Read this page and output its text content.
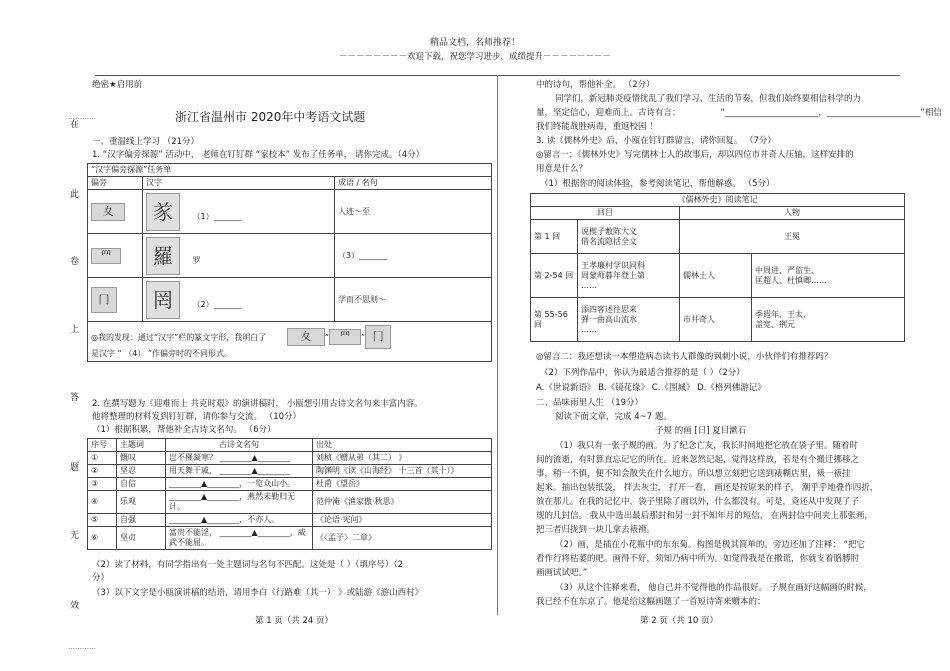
精品文档，名师推荐！
－－－－－－－－欢迎下载，祝您学习进步，成绩提升－－－－－－－－
…………
在
此
卷
上
答
题
无
效
…………
绝密★启用前
浙江省温州市 2020年中考语文试题
一、重温线上学习 （21分）
1. “汉字偏旁探源” 活动中， 老师在钉钉群 “家校本” 发布了任务单， 请你完成。（4分）
“汉字偏旁探源”任务单		
偏旁	汉字	成语 / 名句
夊	㒸 （1）_______	人迹～至
罒	羅 罗	（3）_______
冂	罔 （2）_______	学而不思则～
◎我的发现：通过“汉字”栏的篆文字形，我明白了 夊 “ 罒 ” 冂
是汉字 “ （4） ”作偏旁时的不同形式。		
2. 在撰写题为《迎难而上 共克时艰》的演讲稿时， 小瓯想引用古诗文名句来丰富内容。
他将整理的材料发到钉钉群，请你参与交流。 （10分）
（1）根据积累，帮他补全古诗文名句。 （6分）
序号	主题词	古诗文名句	出处
①	慨叹	岂不罹凝寒？ ________▲________	刘桢《赠从弟（其二） 》
②	坚忍	用天舞干戚， ________▲________	陶渊明《读《山海经》 十三首（其十）》
③	自信	________▲________，一览众山小。	杜甫《望岳》
④	乐观	________▲________，燕然未勒归无计。	范仲淹《渔家傲·秋思》
⑤	自强	________▲________，不亦人。	《论语·宪问》
⑥	坚贞	富贵不能淫， ________▲________，威武不能屈。	《〈孟子〉二章》
（2）读了材料，有同学指出有一处主题词与名句不匹配。这处是（ ）（填序号）（2
分）
（3）以下文字是小瓯演讲稿的结语，请用李白《行路难（其一） 》或陆游《游山西村》
第 1 页（共 24 页）
中的诗句，帮他补全。 （2分）
同学们，新冠肺炎疫情扰乱了我们学习、生活的节奏，但我们始终要相信科学的力
量，坚定信心，迎难而上。古诗有言：	“______________________，______________________”相信
我们终能战胜病毒，重返校园 ！
3. 读《儒林外史》后，小瓯在钉钉群留言，请你回复。 （7分）
◎留言一：《儒林外史》写完儒林士人的故事后，却以四位市井奇人压轴，这样安排的
用意是什么？
（1）根据你的阅读体验，参考阅读笔记，帮他解惑。 （5分）
《儒林外史》阅读笔记			
回目		人物	
第 1 回	说楔子敷陈大义
借名流隐括全文	王冕	
第 2-54 回	王孝廉村学识同科
周蒙师暮年登上第
……	儒林士人	中周进、严监生、
匡超人、杜慎卿……
第 55-56
回	添四客述往思来
弹一曲高山流水
……	市井奇人	季遐年、王太、
盖宽、荆元
◎留言二：我还想读一本塑造病态读书人群像的讽刺小说，小伙伴们有推荐吗？
（2）下列作品中，你认为最适合推荐的是（ ）（2分）
A.《世说新语》 B.《镜花缘》 C.《围城》 D.《格列佛游记》
二、品味雨里人生 （19分）
阅读下面文章，完成 4~7 题。
子規 的画 [日] 夏目漱石
（1）我只有一张子规的画。为了纪念亡友，我长时间地把它放在袋子里。随着时
间的流逝，有时算直忘记它的所在。近来忽然记起，觉得这样放，若是有个搬迁挪移之
事，稍一不慎，便不知会散失在什么地方。所以想立刻把它送到裱糊店里，裱一裱挂
起来。抽出包装纸袋， 拌去灰尘， 打开一看， 画还是按原来的样子， 潮乎乎地叠作四折，
放在那儿。在我的记忆中，袋子里除了画以外，什么都没有。可是，竟还从中发现了子
规的几封信。 我从中选出最后那封和另一封不知年月的短信， 在两封信中间夹上那张画，
把三者归拢到一块儿拿去裱褙。
（2）画，是插在小花瓶中的东东菊。构图是极其简单的。旁边还加了注释： “把它
看作行将枯萎的吧。画得不好，须知乃病中所为。如觉得我是在撒谎，你就支着胳膊肘
画画试试吧。”
（3）从这个注释来看， 他自己并不觉得他的作品很好。 子规在画好这幅画的时候，
我已经不在东京了。他是给这幅画题了一首短诗寄来赠本的：
第 2 页（共 10 页）
